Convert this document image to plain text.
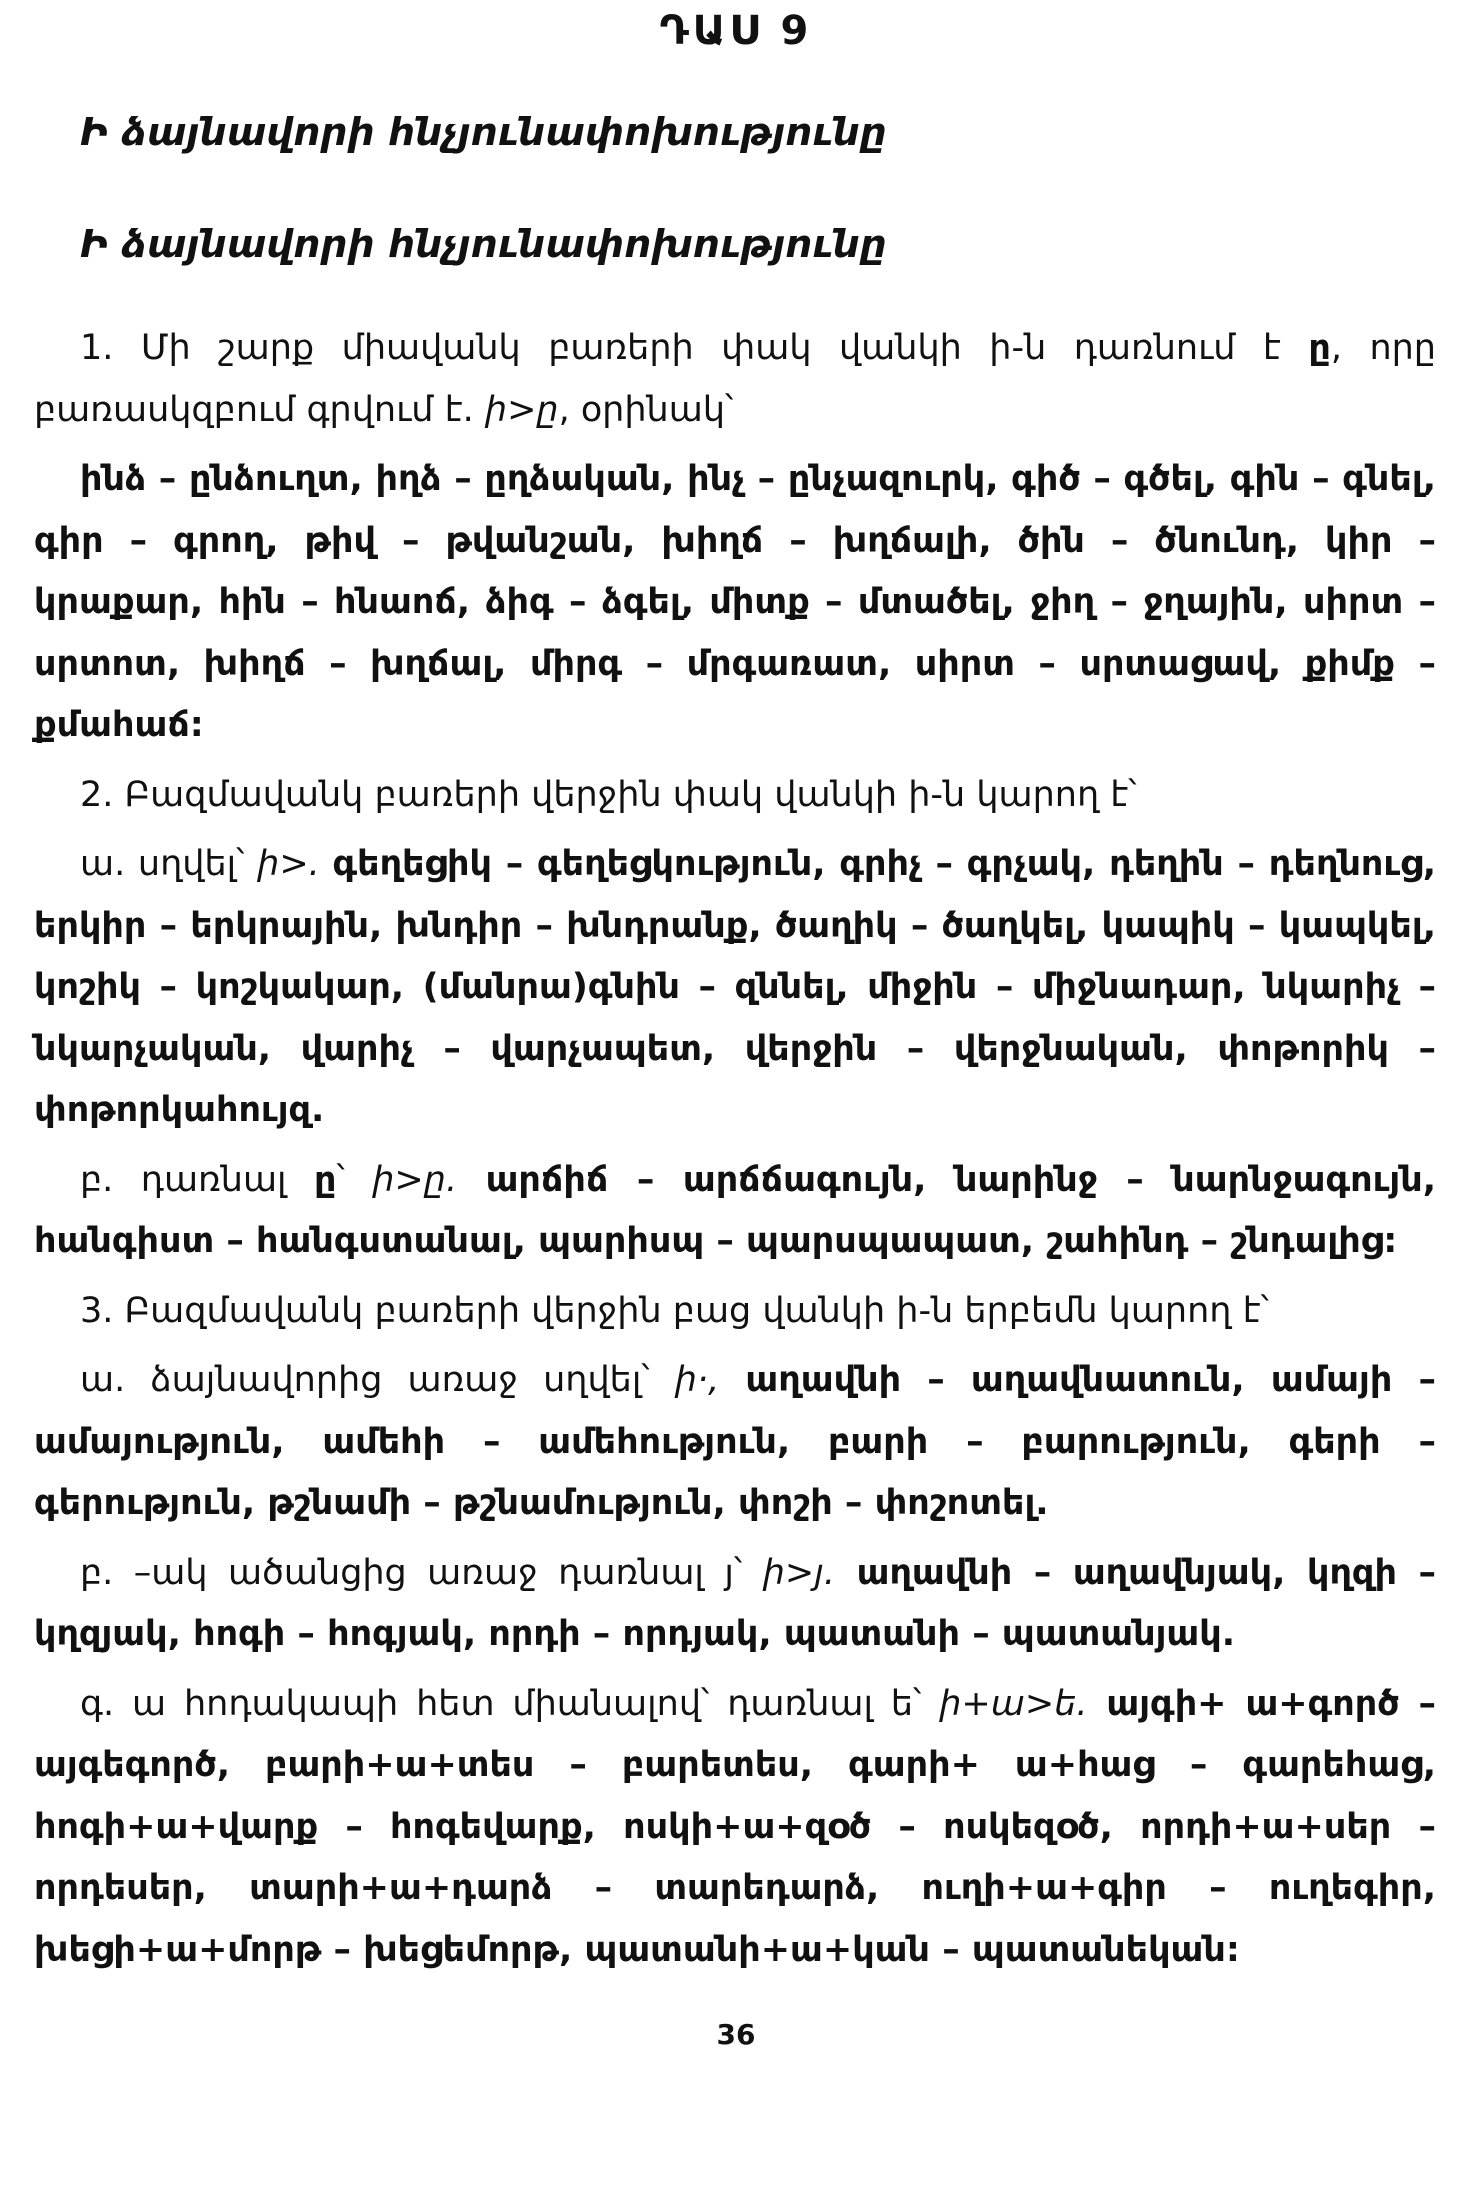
ԴԱՍ 9
Ի ձայնավորի հնչյունափոխությունը
Ի ձայնավորի հնչյունափոխությունը

1. Մի շարք միավանկ բառերի փակ վանկի ի-ն դառնում է ը, որը բառասկզբում գրվում է. ի>ը, օրինակ՝

ինձ – ընձուղտ, իղձ – ըղձական, ինչ – ընչազուրկ, գիծ – գծել, գին – գնել, գիր – գրող, թիվ – թվանշան, խիղճ – խղճալի, ծին – ծնունդ, կիր – կրաքար, հին – հնաոճ, ձիգ – ձգել, միտք – մտածել, ջիղ – ջղային, սիրտ – սրտոտ, խիղճ – խղճալ, միրգ – մրգառատ, սիրտ – սրտացավ, քիմք – քմահաճ:

2. Բազմավանկ բառերի վերջին փակ վանկի ի-ն կարող է՝

ա. սղվել՝ ի>. գեղեցիկ – գեղեցկություն, գրիչ – գրչակ, դեղին – դեղնուց, երկիր – երկրային, խնդիր – խնդրանք, ծաղիկ – ծաղկել, կապիկ – կապկել, կոշիկ – կոշկակար, (մանրա)գնին – զննել, միջին – միջնադար, նկարիչ – նկարչական, վարիչ – վարչապետ, վերջին – վերջնական, փոթորիկ – փոթորկահույզ.

բ. դառնալ ը՝ ի>ը. արճիճ – արճճագույն, նարինջ – նարնջագույն, հանգիստ – հանգստանալ, պարիսպ – պարսպապատ, շահինդ – շնդալից:

3. Բազմավանկ բառերի վերջին բաց վանկի ի-ն երբեմն կարող է՝

ա. ձայնավորից առաջ սղվել՝ ի·, աղավնի – աղավնատուն, ամայի – ամայություն, ամեհի – ամեհություն, բարի – բարություն, գերի – գերություն, թշնամի – թշնամություն, փոշի – փոշոտել.

բ. –ակ ածանցից առաջ դառնալ յ՝ ի>յ. աղավնի – աղավնյակ, կղզի – կղզյակ, հոգի – հոգյակ, որդի – որդյակ, պատանի – պատանյակ.

գ. ա հոդակապի հետ միանալով՝ դառնալ ե՝ ի+ա>ե. այգի+ ա+գործ – այգեգործ, բարի+ա+տես – բարետես, գարի+ ա+հաց – գարեհաց, հոգի+ա+վարք – հոգեվարք, ոսկի+ա+զօծ – ոսկեզօծ, որդի+ա+սեր – որդեսեր, տարի+ա+դարձ – տարեդարձ, ուղի+ա+գիր – ուղեգիր, խեցի+ա+մորթ – խեցեմորթ, պատանի+ա+կան – պատանեկան:

36
